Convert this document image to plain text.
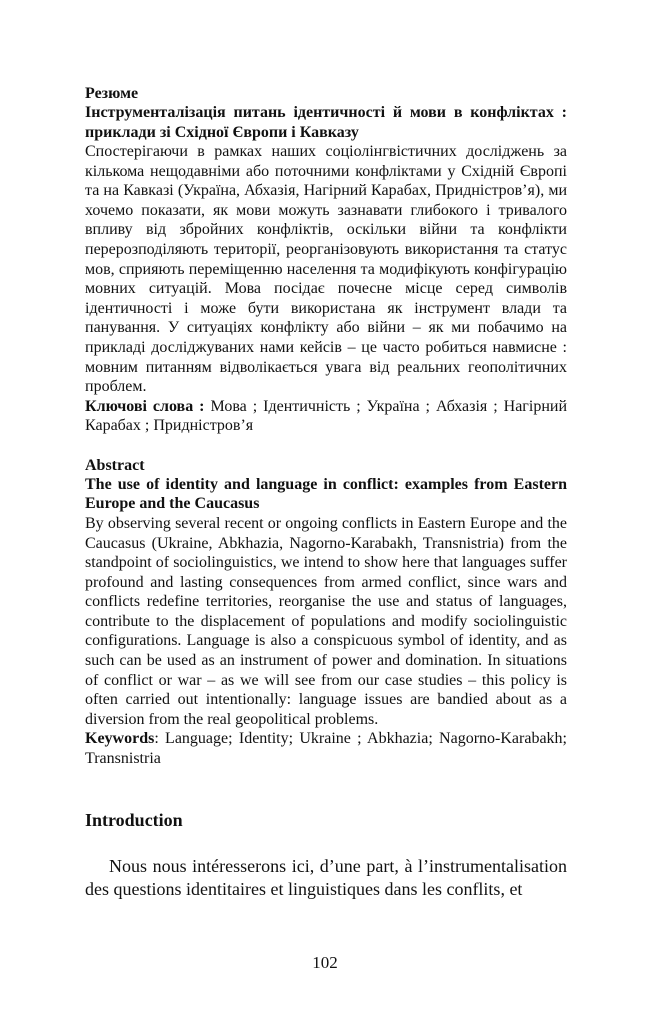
Резюме

Інструменталізація питань ідентичності й мови в конфліктах : приклади зі Східної Європи і Кавказу

Спостерігаючи в рамках наших соціолінгвістичних досліджень за кількома нещодавніми або поточними конфліктами у Східній Європі та на Кавказі (Україна, Абхазія, Нагірний Карабах, Придністров’я), ми хочемо показати, як мови можуть зазнавати глибокого і тривалого впливу від збройних конфліктів, оскільки війни та конфлікти перерозподіляють території, реорганізовують використання та статус мов, сприяють переміщенню населення та модифікують конфігурацію мовних ситуацій. Мова посідає почесне місце серед символів ідентичності і може бути використана як інструмент влади та панування. У ситуаціях конфлікту або війни – як ми побачимо на прикладі досліджуваних нами кейсів – це часто робиться навмисне : мовним питанням відволікається увага від реальних геополітичних проблем.

Ключові слова : Мова ; Ідентичність ; Україна ; Абхазія ; Нагірний Карабах ; Придністров’я

Abstract

The use of identity and language in conflict: examples from Eastern Europe and the Caucasus

By observing several recent or ongoing conflicts in Eastern Europe and the Caucasus (Ukraine, Abkhazia, Nagorno-Karabakh, Transnistria) from the standpoint of sociolinguistics, we intend to show here that languages suffer profound and lasting consequences from armed conflict, since wars and conflicts redefine territories, reorganise the use and status of languages, contribute to the displacement of populations and modify sociolinguistic configurations. Language is also a conspicuous symbol of identity, and as such can be used as an instrument of power and domination. In situations of conflict or war – as we will see from our case studies – this policy is often carried out intentionally: language issues are bandied about as a diversion from the real geopolitical problems.

Keywords: Language; Identity; Ukraine ; Abkhazia; Nagorno-Karabakh; Transnistria

Introduction

Nous nous intéresserons ici, d’une part, à l’instrumentalisation des questions identitaires et linguistiques dans les conflits, et

102
